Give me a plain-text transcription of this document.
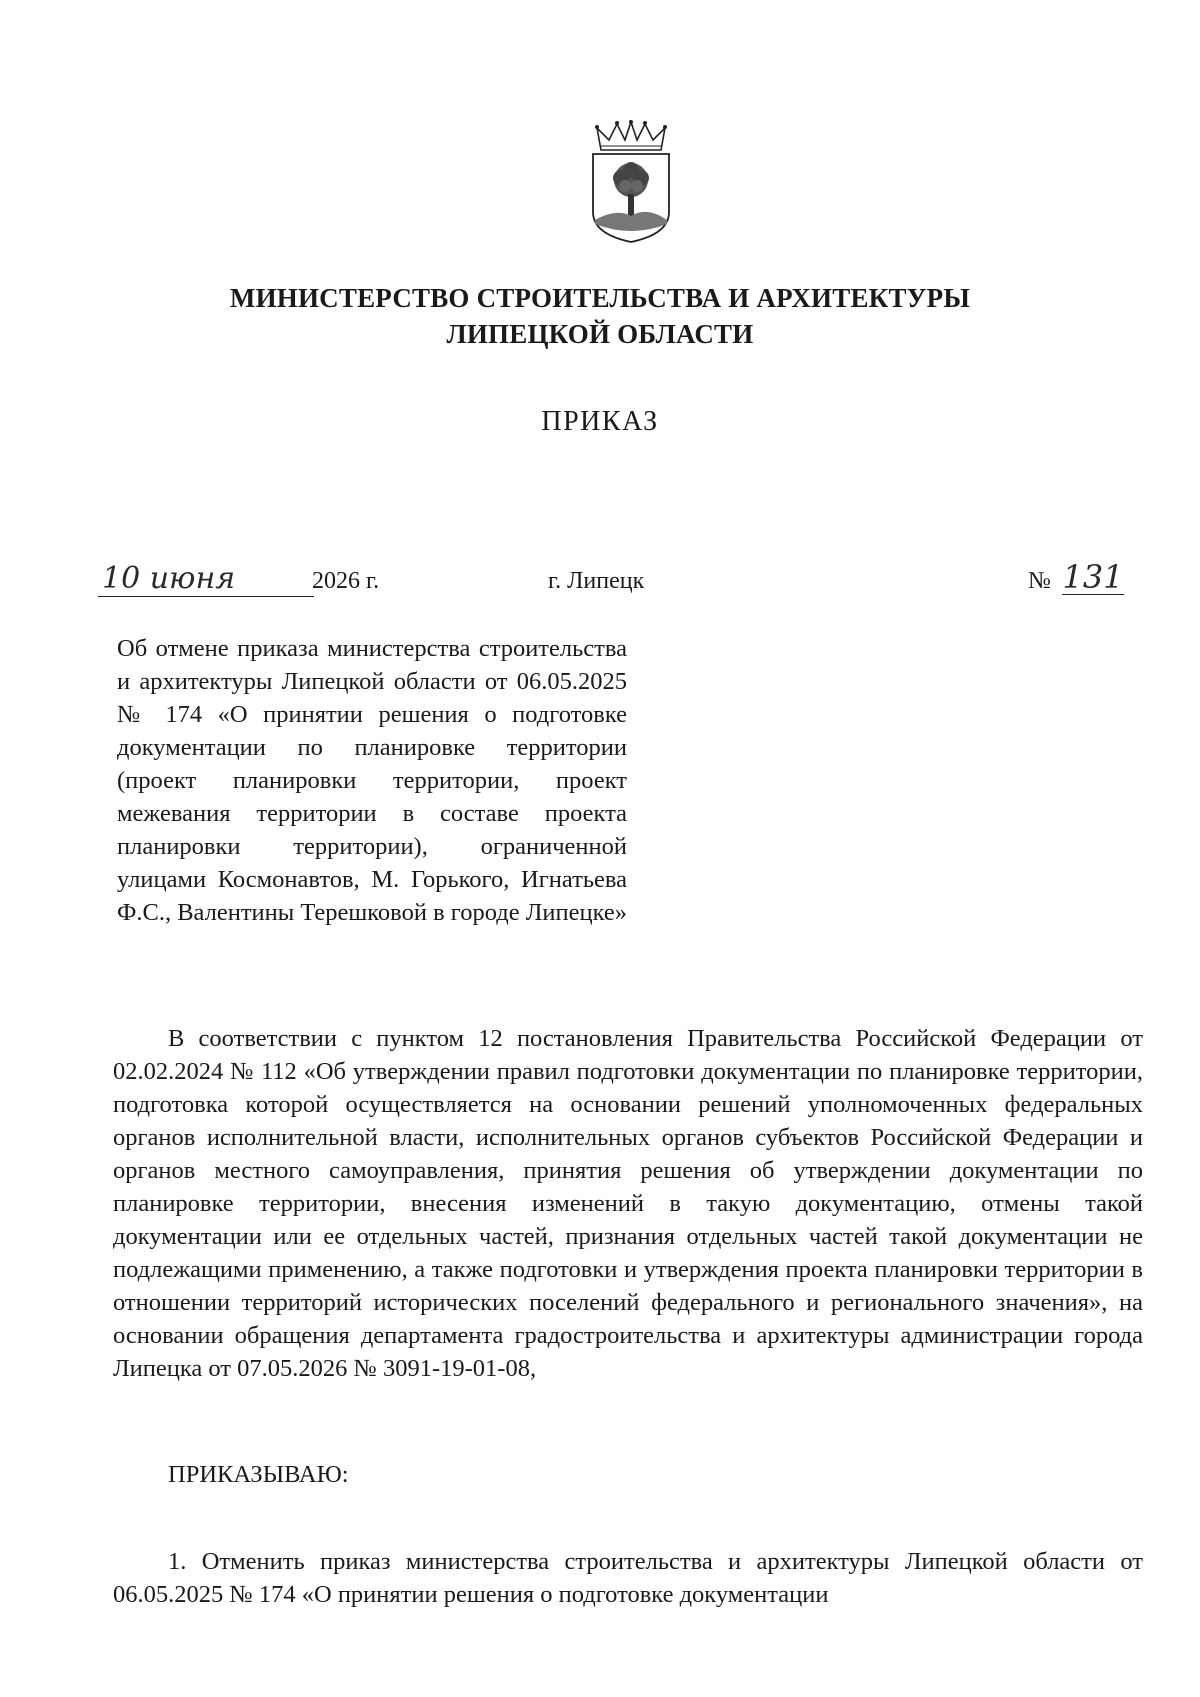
МИНИСТЕРСТВО СТРОИТЕЛЬСТВА И АРХИТЕКТУРЫ
ЛИПЕЦКОЙ ОБЛАСТИ
ПРИКАЗ
10 июня	2026 г.	г. Липецк	№ 131
Об отмене приказа министерства строительства и архитектуры Липецкой области от 06.05.2025 № 174 «О принятии решения о подготовке документации по планировке территории (проект планировки территории, проект межевания территории в составе проекта планировки территории), ограниченной улицами Космонавтов, М. Горького, Игнатьева Ф.С., Валентины Терешковой в городе Липецке»

В соответствии с пунктом 12 постановления Правительства Российской Федерации от 02.02.2024 № 112 «Об утверждении правил подготовки документации по планировке территории, подготовка которой осуществляется на основании решений уполномоченных федеральных органов исполнительной власти, исполнительных органов субъектов Российской Федерации и органов местного самоуправления, принятия решения об утверждении документации по планировке территории, внесения изменений в такую документацию, отмены такой документации или ее отдельных частей, признания отдельных частей такой документации не подлежащими применению, а также подготовки и утверждения проекта планировки территории в отношении территорий исторических поселений федерального и регионального значения», на основании обращения департамента градостроительства и архитектуры администрации города Липецка от 07.05.2026 № 3091-19-01-08,

ПРИКАЗЫВАЮ:

1. Отменить приказ министерства строительства и архитектуры Липецкой области от 06.05.2025 № 174 «О принятии решения о подготовке документации
